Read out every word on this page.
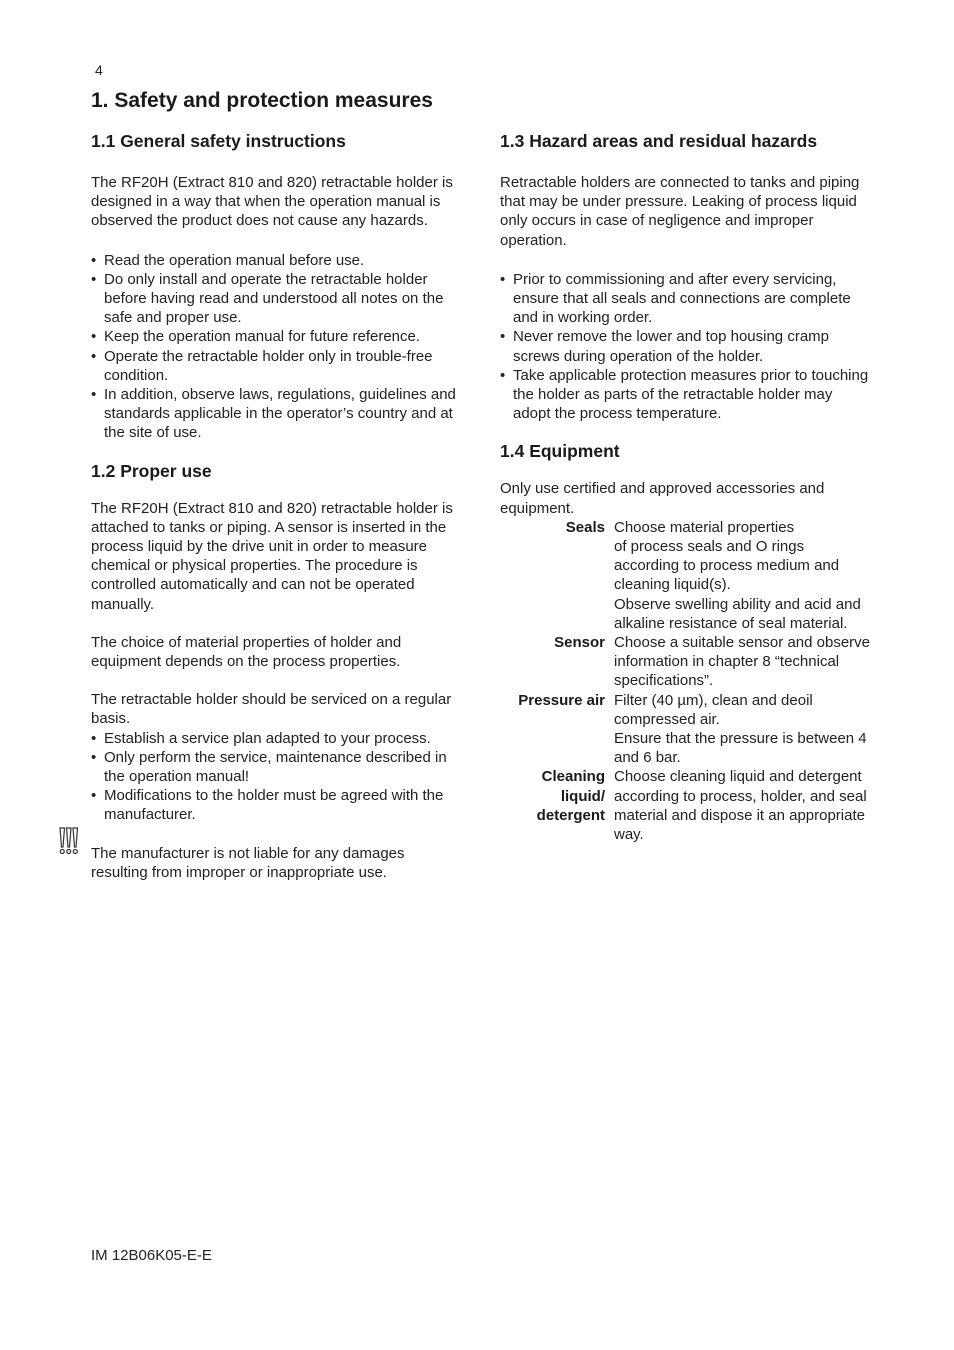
4
1. Safety and protection measures
1.1 General safety instructions

The RF20H (Extract 810 and 820) retractable holder is designed in a way that when the operation manual is observed the product does not cause any hazards.

• Read the operation manual before use.
• Do only install and operate the retractable holder before having read and understood all notes on the safe and proper use.
• Keep the operation manual for future reference.
• Operate the retractable holder only in trouble-free condition.
• In addition, observe laws, regulations, guidelines and standards applicable in the operator’s country and at the site of use.
1.2 Proper use

The RF20H (Extract 810 and 820) retractable holder is attached to tanks or piping. A sensor is inserted in the process liquid by the drive unit in order to measure chemical or physical properties. The procedure is controlled automatically and can not be operated manually.

The choice of material properties of holder and equipment depends on the process properties.

The retractable holder should be serviced on a regular basis.

• Establish a service plan adapted to your process.
• Only perform the service, maintenance described in the operation manual!
• Modifications to the holder must be agreed with the manufacturer.

The manufacturer is not liable for any damages resulting from improper or inappropriate use.

1.3 Hazard areas and residual hazards

Retractable holders are connected to tanks and piping that may be under pressure. Leaking of process liquid only occurs in case of negligence and improper operation.

• Prior to commissioning and after every servicing, ensure that all seals and connections are complete and in working order.
• Never remove the lower and top housing cramp screws during operation of the holder.
• Take applicable protection measures prior to touching the holder as parts of the retractable holder may adopt the process temperature.
1.4 Equipment

Only use certified and approved accessories and equipment.

Seals Choose material properties
of process seals and O rings according to process medium and cleaning liquid(s).
Observe swelling ability and acid and alkaline resistance of seal material.
Sensor Choose a suitable sensor and observe information in chapter 8 “technical specifications”.
Pressure air Filter (40 µm), clean and deoil compressed air.
Ensure that the pressure is between 4 and 6 bar.
Cleaning
liquid/
detergent
Choose cleaning liquid and detergent according to process, holder, and seal material and dispose it an appropriate way.
IM 12B06K05-E-E
